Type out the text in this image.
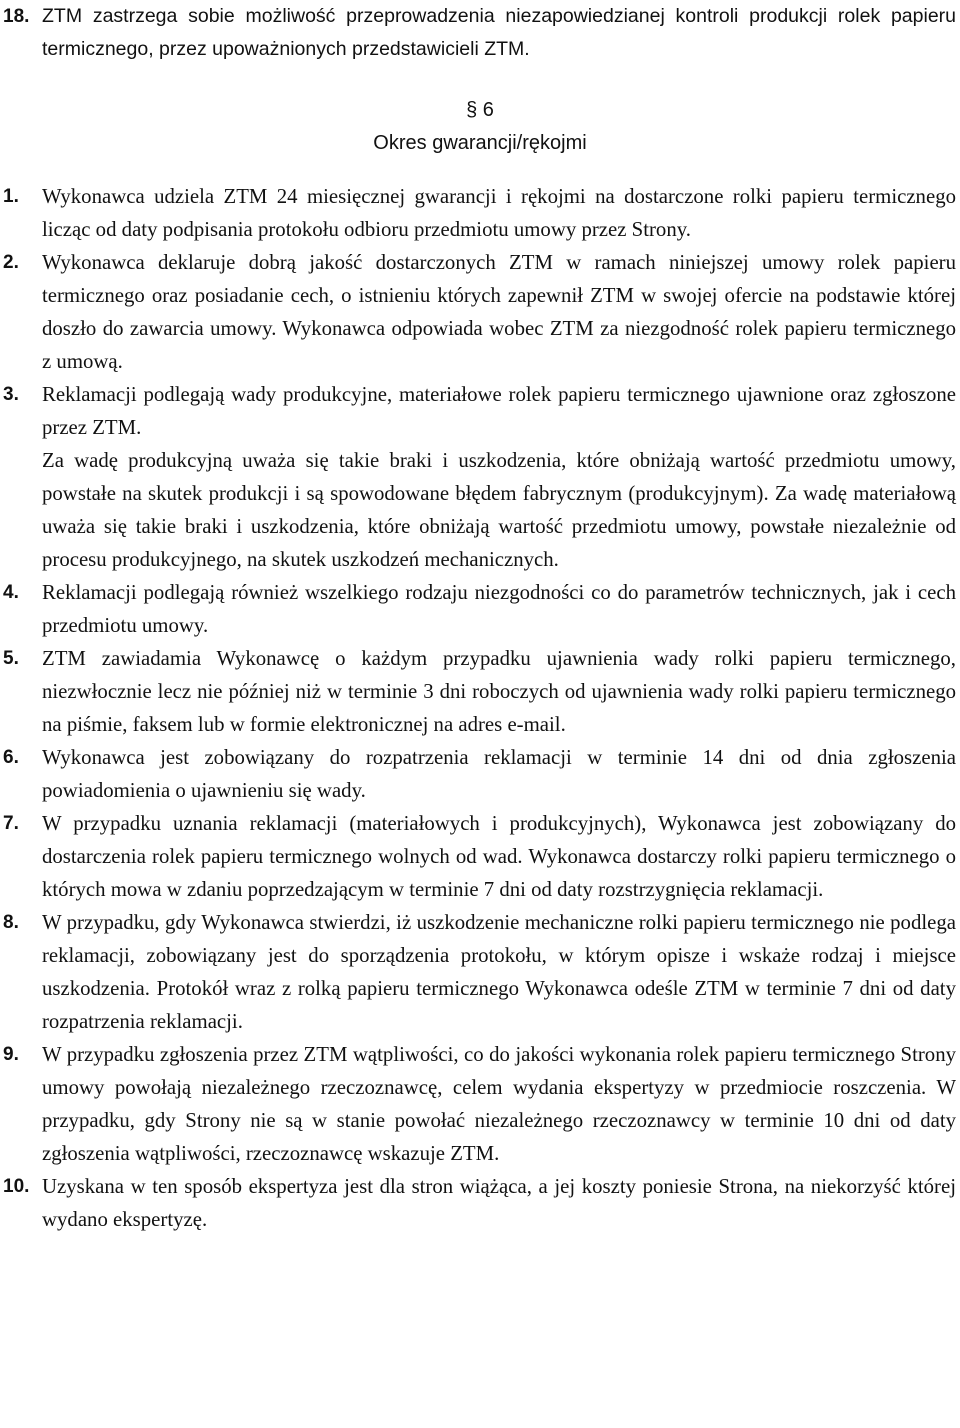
18. ZTM zastrzega sobie możliwość przeprowadzenia niezapowiedzianej kontroli produkcji rolek papieru termicznego, przez upoważnionych przedstawicieli ZTM.

§ 6

Okres gwarancji/rękojmi

1. Wykonawca udziela ZTM 24 miesięcznej gwarancji i rękojmi na dostarczone rolki papieru termicznego licząc od daty podpisania protokołu odbioru przedmiotu umowy przez Strony.

2. Wykonawca deklaruje dobrą jakość dostarczonych ZTM w ramach niniejszej umowy rolek papieru termicznego oraz posiadanie cech, o istnieniu których zapewnił ZTM w swojej ofercie na podstawie której doszło do zawarcia umowy. Wykonawca odpowiada wobec ZTM za niezgodność rolek papieru termicznego z umową.

3. Reklamacji podlegają wady produkcyjne, materiałowe rolek papieru termicznego ujawnione oraz zgłoszone przez ZTM.

Za wadę produkcyjną uważa się takie braki i uszkodzenia, które obniżają wartość przedmiotu umowy, powstałe na skutek produkcji i są spowodowane błędem fabrycznym (produkcyjnym). Za wadę materiałową uważa się takie braki i uszkodzenia, które obniżają wartość przedmiotu umowy, powstałe niezależnie od procesu produkcyjnego, na skutek uszkodzeń mechanicznych.

4. Reklamacji podlegają również wszelkiego rodzaju niezgodności co do parametrów technicznych, jak i cech przedmiotu umowy.

5. ZTM zawiadamia Wykonawcę o każdym przypadku ujawnienia wady rolki papieru termicznego, niezwłocznie lecz nie później niż w terminie 3 dni roboczych od ujawnienia wady rolki papieru termicznego na piśmie, faksem lub w formie elektronicznej na adres e-mail.

6. Wykonawca jest zobowiązany do rozpatrzenia reklamacji w terminie 14 dni od dnia zgłoszenia powiadomienia o ujawnieniu się wady.

7. W przypadku uznania reklamacji (materiałowych i produkcyjnych), Wykonawca jest zobowiązany do dostarczenia rolek papieru termicznego wolnych od wad. Wykonawca dostarczy rolki papieru termicznego o których mowa w zdaniu poprzedzającym w terminie 7 dni od daty rozstrzygnięcia reklamacji.

8. W przypadku, gdy Wykonawca stwierdzi, iż uszkodzenie mechaniczne rolki papieru termicznego nie podlega reklamacji, zobowiązany jest do sporządzenia protokołu, w którym opisze i wskaże rodzaj i miejsce uszkodzenia. Protokół wraz z rolką papieru termicznego Wykonawca odeśle ZTM w terminie 7 dni od daty rozpatrzenia reklamacji.

9. W przypadku zgłoszenia przez ZTM wątpliwości, co do jakości wykonania rolek papieru termicznego Strony umowy powołają niezależnego rzeczoznawcę, celem wydania ekspertyzy w przedmiocie roszczenia. W przypadku, gdy Strony nie są w stanie powołać niezależnego rzeczoznawcy w terminie 10 dni od daty zgłoszenia wątpliwości, rzeczoznawcę wskazuje ZTM.

10. Uzyskana w ten sposób ekspertyza jest dla stron wiążąca, a jej koszty poniesie Strona, na niekorzyść której wydano ekspertyzę.
